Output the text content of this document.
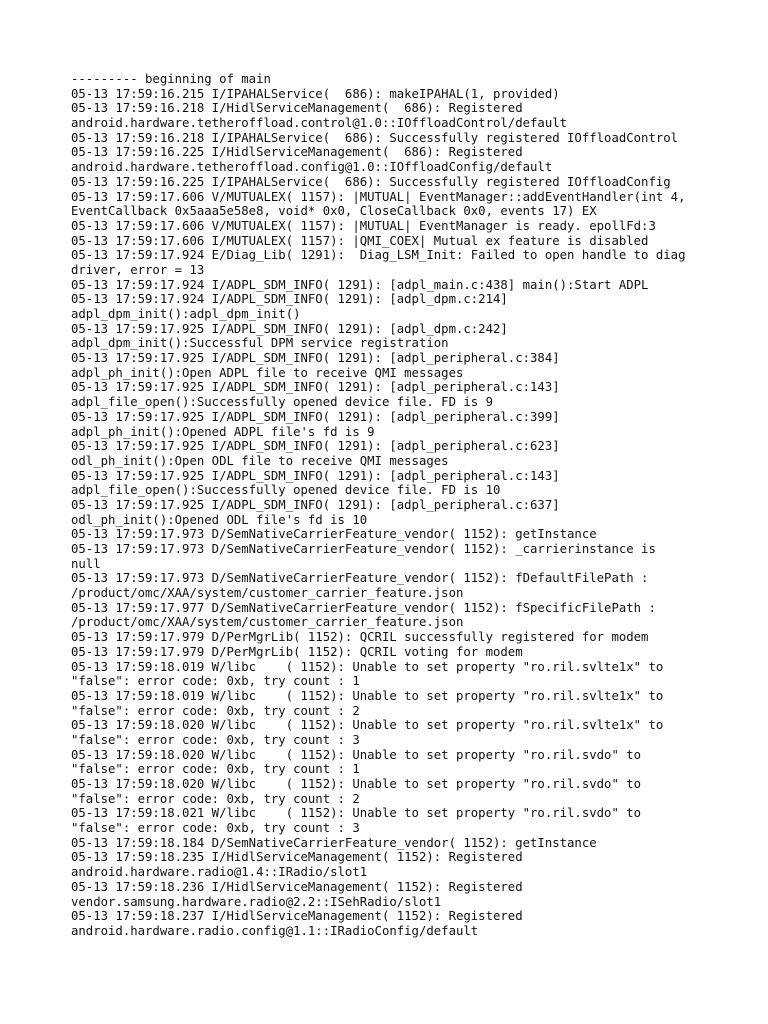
--------- beginning of main
05-13 17:59:16.215 I/IPAHALService(  686): makeIPAHAL(1, provided)
05-13 17:59:16.218 I/HidlServiceManagement(  686): Registered
android.hardware.tetheroffload.control@1.0::IOffloadControl/default
05-13 17:59:16.218 I/IPAHALService(  686): Successfully registered IOffloadControl
05-13 17:59:16.225 I/HidlServiceManagement(  686): Registered
android.hardware.tetheroffload.config@1.0::IOffloadConfig/default
05-13 17:59:16.225 I/IPAHALService(  686): Successfully registered IOffloadConfig
05-13 17:59:17.606 V/MUTUALEX( 1157): |MUTUAL| EventManager::addEventHandler(int 4,
EventCallback 0x5aaa5e58e8, void* 0x0, CloseCallback 0x0, events 17) EX
05-13 17:59:17.606 V/MUTUALEX( 1157): |MUTUAL| EventManager is ready. epollFd:3
05-13 17:59:17.606 I/MUTUALEX( 1157): |QMI_COEX| Mutual ex feature is disabled
05-13 17:59:17.924 E/Diag_Lib( 1291):  Diag_LSM_Init: Failed to open handle to diag
driver, error = 13
05-13 17:59:17.924 I/ADPL_SDM_INFO( 1291): [adpl_main.c:438] main():Start ADPL
05-13 17:59:17.924 I/ADPL_SDM_INFO( 1291): [adpl_dpm.c:214]
adpl_dpm_init():adpl_dpm_init()
05-13 17:59:17.925 I/ADPL_SDM_INFO( 1291): [adpl_dpm.c:242]
adpl_dpm_init():Successful DPM service registration
05-13 17:59:17.925 I/ADPL_SDM_INFO( 1291): [adpl_peripheral.c:384]
adpl_ph_init():Open ADPL file to receive QMI messages
05-13 17:59:17.925 I/ADPL_SDM_INFO( 1291): [adpl_peripheral.c:143]
adpl_file_open():Successfully opened device file. FD is 9
05-13 17:59:17.925 I/ADPL_SDM_INFO( 1291): [adpl_peripheral.c:399]
adpl_ph_init():Opened ADPL file's fd is 9
05-13 17:59:17.925 I/ADPL_SDM_INFO( 1291): [adpl_peripheral.c:623]
odl_ph_init():Open ODL file to receive QMI messages
05-13 17:59:17.925 I/ADPL_SDM_INFO( 1291): [adpl_peripheral.c:143]
adpl_file_open():Successfully opened device file. FD is 10
05-13 17:59:17.925 I/ADPL_SDM_INFO( 1291): [adpl_peripheral.c:637]
odl_ph_init():Opened ODL file's fd is 10
05-13 17:59:17.973 D/SemNativeCarrierFeature_vendor( 1152): getInstance
05-13 17:59:17.973 D/SemNativeCarrierFeature_vendor( 1152): _carrierinstance is
null
05-13 17:59:17.973 D/SemNativeCarrierFeature_vendor( 1152): fDefaultFilePath :
/product/omc/XAA/system/customer_carrier_feature.json
05-13 17:59:17.977 D/SemNativeCarrierFeature_vendor( 1152): fSpecificFilePath :
/product/omc/XAA/system/customer_carrier_feature.json
05-13 17:59:17.979 D/PerMgrLib( 1152): QCRIL successfully registered for modem
05-13 17:59:17.979 D/PerMgrLib( 1152): QCRIL voting for modem
05-13 17:59:18.019 W/libc    ( 1152): Unable to set property "ro.ril.svlte1x" to
"false": error code: 0xb, try count : 1
05-13 17:59:18.019 W/libc    ( 1152): Unable to set property "ro.ril.svlte1x" to
"false": error code: 0xb, try count : 2
05-13 17:59:18.020 W/libc    ( 1152): Unable to set property "ro.ril.svlte1x" to
"false": error code: 0xb, try count : 3
05-13 17:59:18.020 W/libc    ( 1152): Unable to set property "ro.ril.svdo" to
"false": error code: 0xb, try count : 1
05-13 17:59:18.020 W/libc    ( 1152): Unable to set property "ro.ril.svdo" to
"false": error code: 0xb, try count : 2
05-13 17:59:18.021 W/libc    ( 1152): Unable to set property "ro.ril.svdo" to
"false": error code: 0xb, try count : 3
05-13 17:59:18.184 D/SemNativeCarrierFeature_vendor( 1152): getInstance
05-13 17:59:18.235 I/HidlServiceManagement( 1152): Registered
android.hardware.radio@1.4::IRadio/slot1
05-13 17:59:18.236 I/HidlServiceManagement( 1152): Registered
vendor.samsung.hardware.radio@2.2::ISehRadio/slot1
05-13 17:59:18.237 I/HidlServiceManagement( 1152): Registered
android.hardware.radio.config@1.1::IRadioConfig/default
